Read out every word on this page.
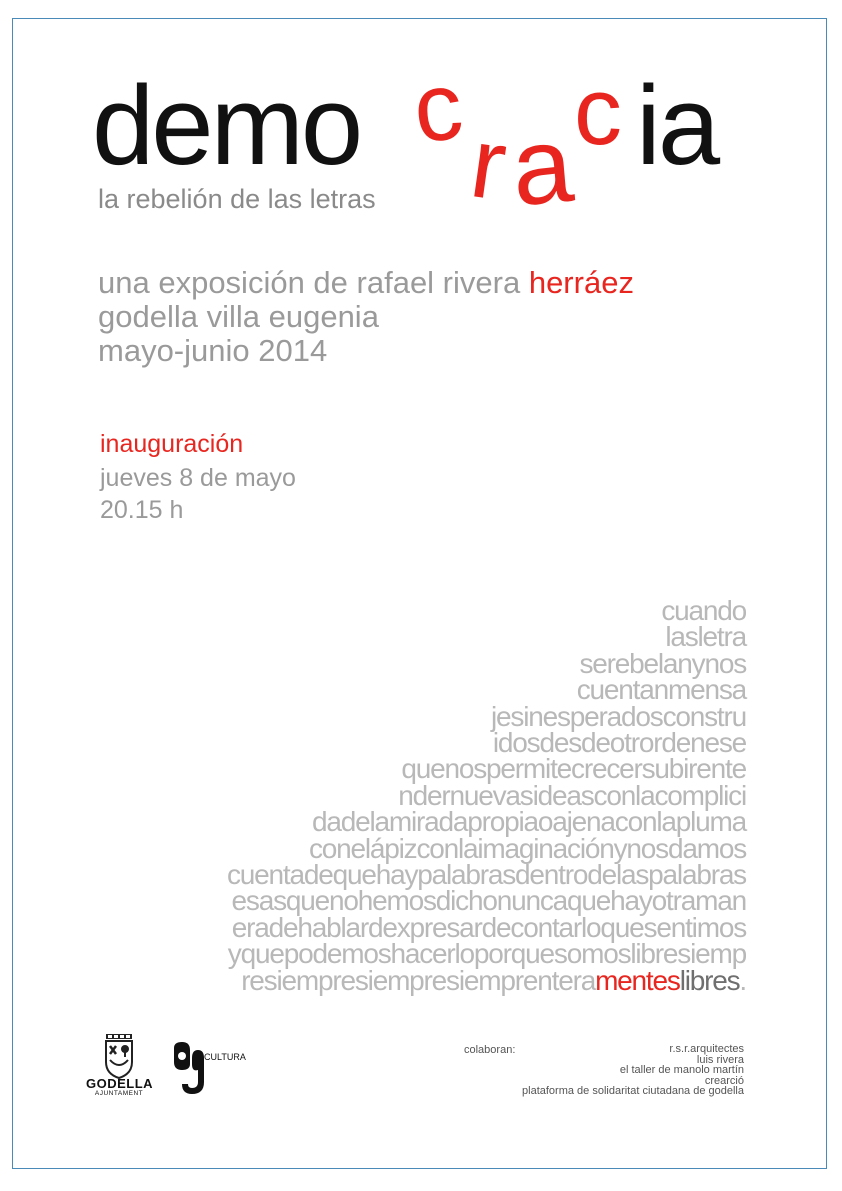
demo c
r
a
c ia
la rebelión de las letras
una exposición de rafael rivera herráez
godella villa eugenia
mayo-junio 2014
inauguración
jueves 8 de mayo
20.15 h
cuando
lasletra
serebelanynos
cuentanmensa
jesinesperadosconstru
idosdesdeotrordenese
quenospermitecrecersubirente
ndernuevasideasconlacomplici
dadelamiradapropiaoajenaconlapluma
conelápizconlaimaginaciónynosdamos
cuentadequehaypalabrasdentrodelaspalabras
esasquenohemosdichonuncaquehayotraman
eradehablardexpresardecontarloquesentimos
yquepodemoshacerloporquesomoslibresiemp
resiempresiempresiemprenteramenteslibres.
GODELLA
AJUNTAMENT
CULTURA
colaboran:	r.s.r.arquitectes
luis rivera
el taller de manolo martín
crearció
plataforma de solidaritat ciutadana de godella
